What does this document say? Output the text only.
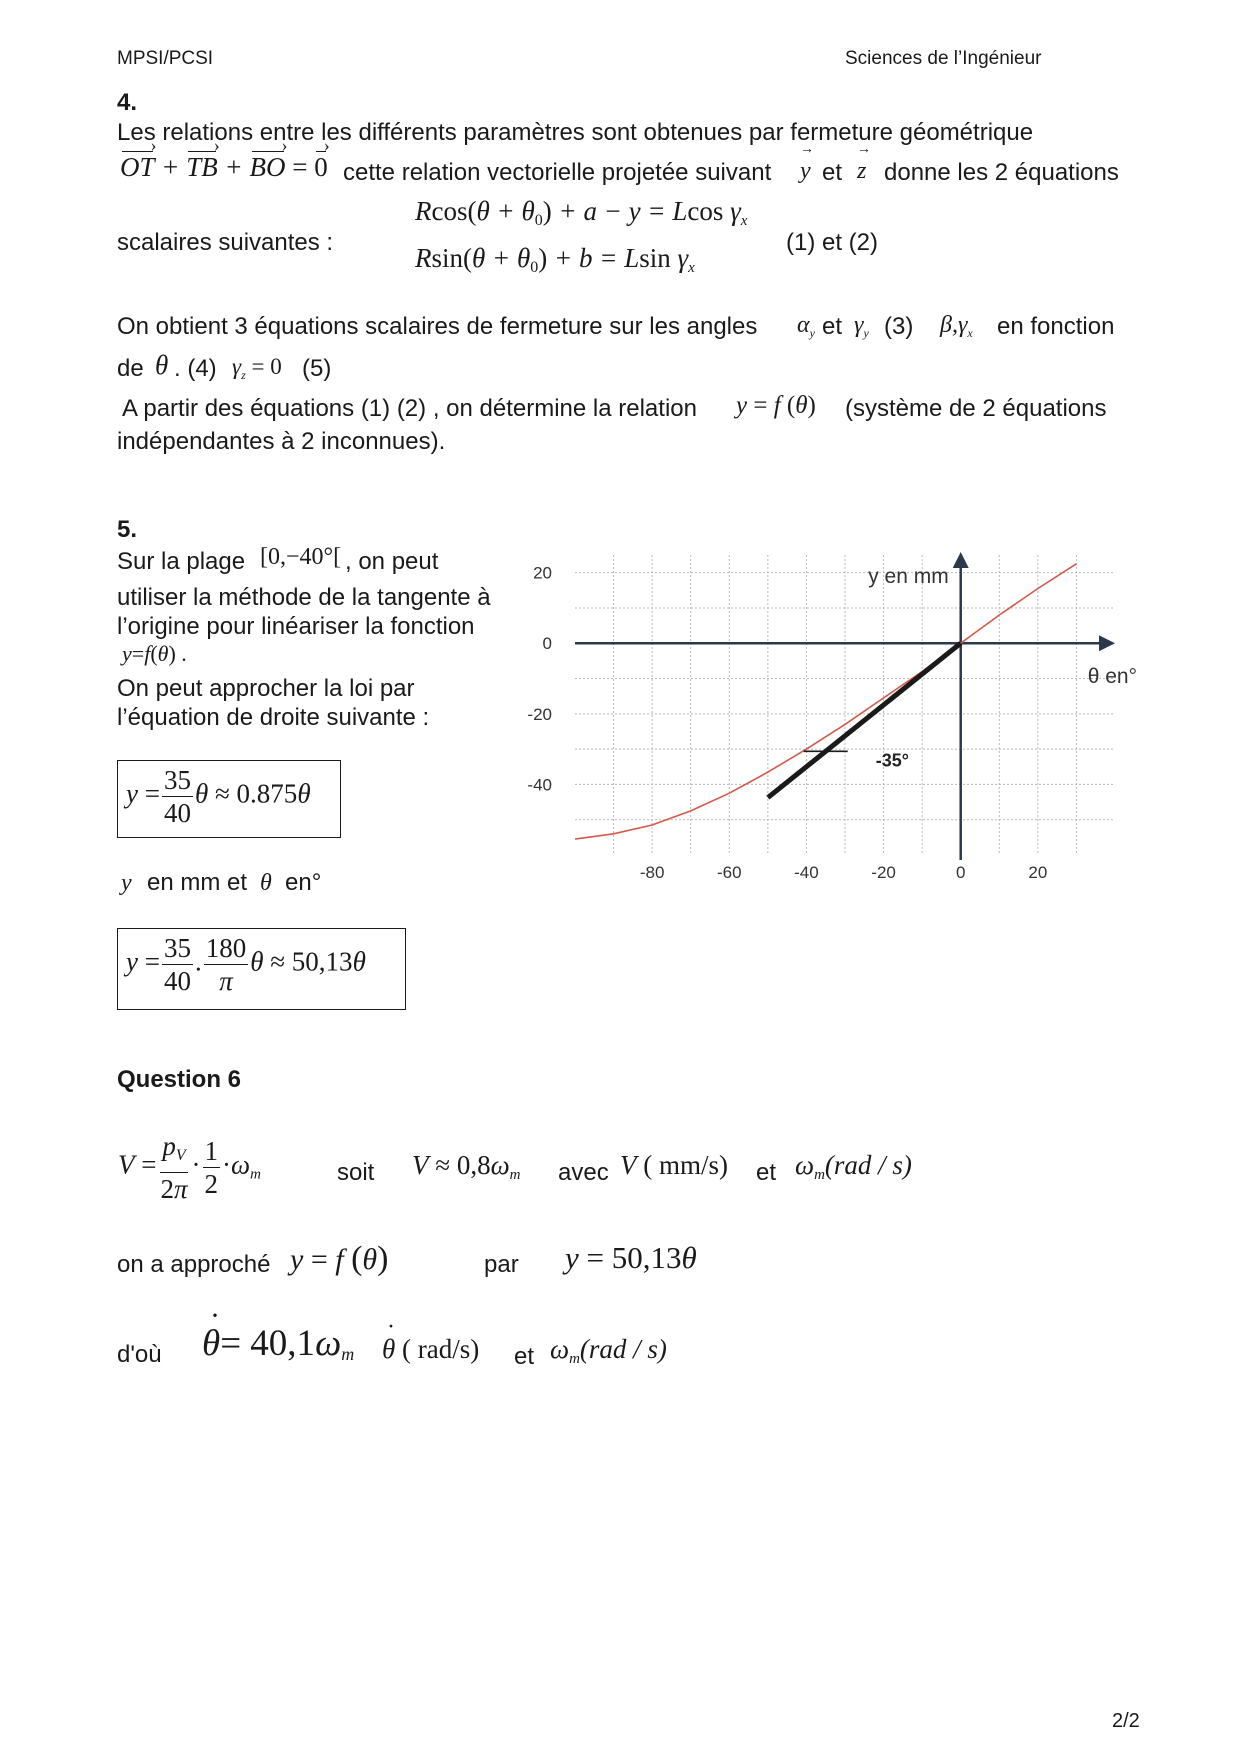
MPSI/PCSI	Sciences de l’Ingénieur
4.
Les relations entre les différents paramètres sont obtenues par fermeture géométrique
OT › + TB › + BO › = 0 › cette relation vectorielle projetée suivant y → et z → donne les 2 équations
Rcos(θ + θ0) + a − y = Lcos $\gamma_x$
scalaires suivantes :	(1) et (2)
Rsin(θ + θ0) + b = Lsin $\gamma_x$
On obtient 3 équations scalaires de fermeture sur les angles $\alpha_y$ et $\gamma_y$ (3) $\beta,\gamma_x$ en fonction
de θ . (4) $\gamma_z = 0$ (5)
A partir des équations (1) (2) , on détermine la relation y = f (θ) (système de 2 équations
indépendantes à 2 inconnues).
5.
Sur la plage [0,−40°[ , on peut
utiliser la méthode de la tangente à
l’origine pour linéariser la fonction
y=f(θ) .
On peut approcher la loi par
l’équation de droite suivante :
$y = \frac{35}{40}$ θ ≈ 0.875θ
y en mm et θ en°
$y = \frac{35}{40}$ . $\frac{180}{\pi}$ θ ≈ 50,13θ
-80	-60	-40	-20	0	20
20
0
-20
-40
y en mm
θ en°
-35°
Question 6
$V = \frac{pV}{2\pi} \cdot \frac{1}{2} \cdot\omega_m$	soit $V \approx 0,8\omega_m$ avec V ( mm/s) et $\omega_m(rad / s)$
on a approché y = f (θ)	par y = 50,13θ
d'où θ
·
= $40,1\omega_m$ θ
·
( rad/s) et $\omega_m(rad / s)$
2/2
